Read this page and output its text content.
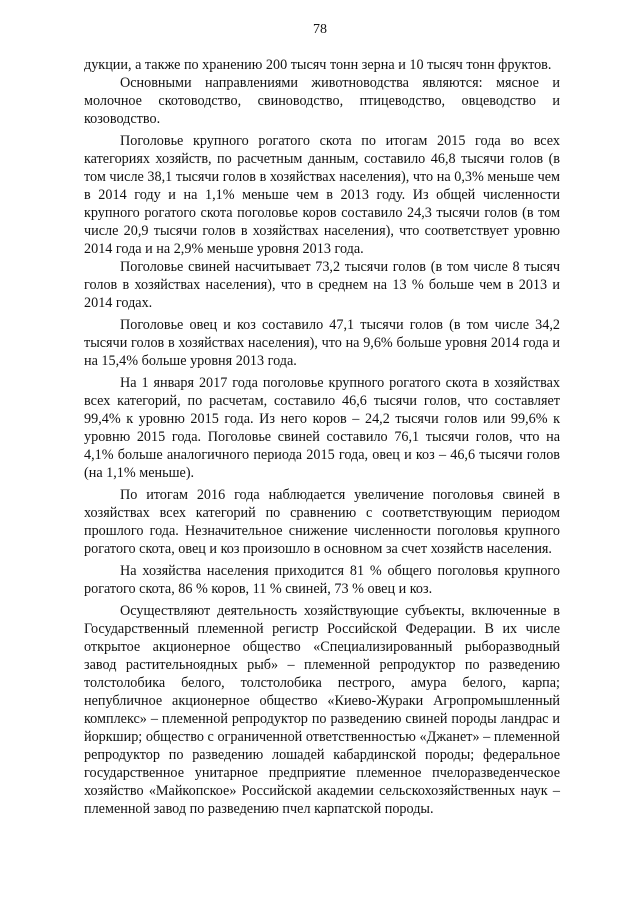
78

дукции, а также по хранению 200 тысяч тонн зерна и 10 тысяч тонн фруктов.

Основными направлениями животноводства являются: мясное и молочное скотоводство, свиноводство, птицеводство, овцеводство и козоводство.

Поголовье крупного рогатого скота по итогам 2015 года во всех категориях хозяйств, по расчетным данным, составило 46,8 тысячи голов (в том числе 38,1 тысячи голов в хозяйствах населения), что на 0,3% меньше чем в 2014 году и на 1,1% меньше чем в 2013 году. Из общей численности крупного рогатого скота поголовье коров составило 24,3 тысячи голов (в том числе 20,9 тысячи голов в хозяйствах населения), что соответствует уровню 2014 года и на 2,9% меньше уровня 2013 года.

Поголовье свиней насчитывает 73,2 тысячи голов (в том числе 8 тысяч голов в хозяйствах населения), что в среднем на 13 % больше чем в 2013 и 2014 годах.

Поголовье овец и коз составило 47,1 тысячи голов (в том числе 34,2 тысячи голов в хозяйствах населения), что на 9,6% больше уровня 2014 года и на 15,4% больше уровня 2013 года.

На 1 января 2017 года поголовье крупного рогатого скота в хозяйствах всех категорий, по расчетам, составило 46,6 тысячи голов, что составляет 99,4% к уровню 2015 года. Из него коров – 24,2 тысячи голов или 99,6% к уровню 2015 года. Поголовье свиней составило 76,1 тысячи голов, что на 4,1% больше аналогичного периода 2015 года, овец и коз – 46,6 тысячи голов (на 1,1% меньше).

По итогам 2016 года наблюдается увеличение поголовья свиней в хозяйствах всех категорий по сравнению с соответствующим периодом прошлого года. Незначительное снижение численности поголовья крупного рогатого скота, овец и коз произошло в основном за счет хозяйств населения.

На хозяйства населения приходится 81 % общего поголовья крупного рогатого скота, 86 % коров, 11 % свиней, 73 % овец и коз.

Осуществляют деятельность хозяйствующие субъекты, включенные в Государственный племенной регистр Российской Федерации. В их числе открытое акционерное общество «Специализированный рыборазводный завод растительноядных рыб» – племенной репродуктор по разведению толстолобика белого, толстолобика пестрого, амура белого, карпа; непубличное акционерное общество «Киево-Жураки Агропромышленный комплекс» – племенной репродуктор по разведению свиней породы ландрас и йоркшир; общество с ограниченной ответственностью «Джанет» – племенной репродуктор по разведению лошадей кабардинской породы; федеральное государственное унитарное предприятие племенное пчелоразведенческое хозяйство «Майкопское» Российской академии сельскохозяйственных наук – племенной завод по разведению пчел карпатской породы.
